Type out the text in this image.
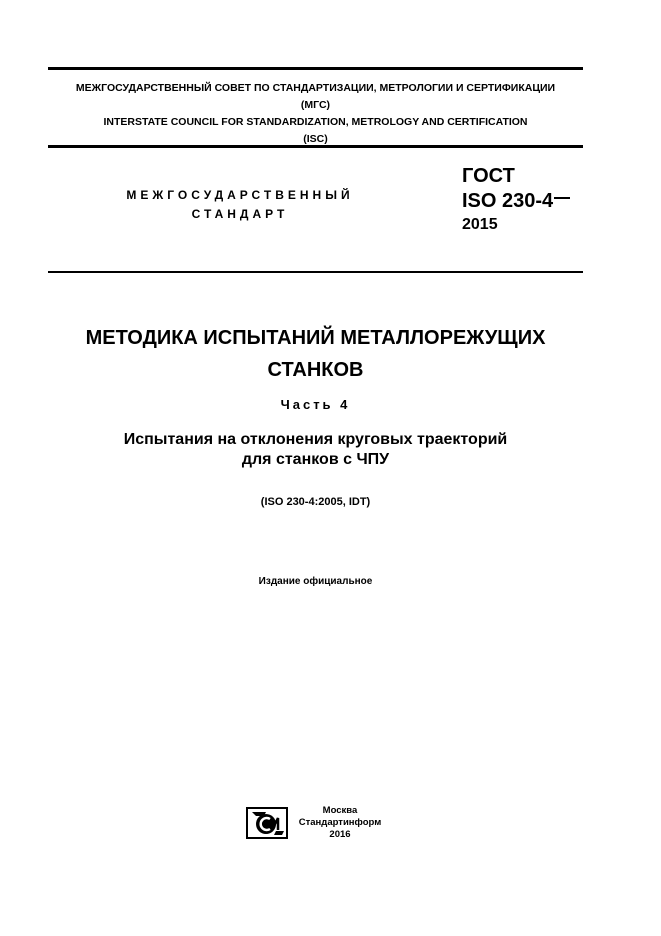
МЕЖГОСУДАРСТВЕННЫЙ СОВЕТ ПО СТАНДАРТИЗАЦИИ, МЕТРОЛОГИИ И СЕРТИФИКАЦИИ
(МГС)
INTERSTATE COUNCIL FOR STANDARDIZATION, METROLOGY AND CERTIFICATION
(ISC)
МЕЖГОСУДАРСТВЕННЫЙ
СТАНДАРТ
ГОСТ
ISO 230-4
2015
МЕТОДИКА ИСПЫТАНИЙ МЕТАЛЛОРЕЖУЩИХ
СТАНКОВ
Часть 4
Испытания на отклонения круговых траекторий
для станков с ЧПУ
(ISO 230-4:2005, IDT)
Издание официальное
Москва
Стандартинформ
2016
